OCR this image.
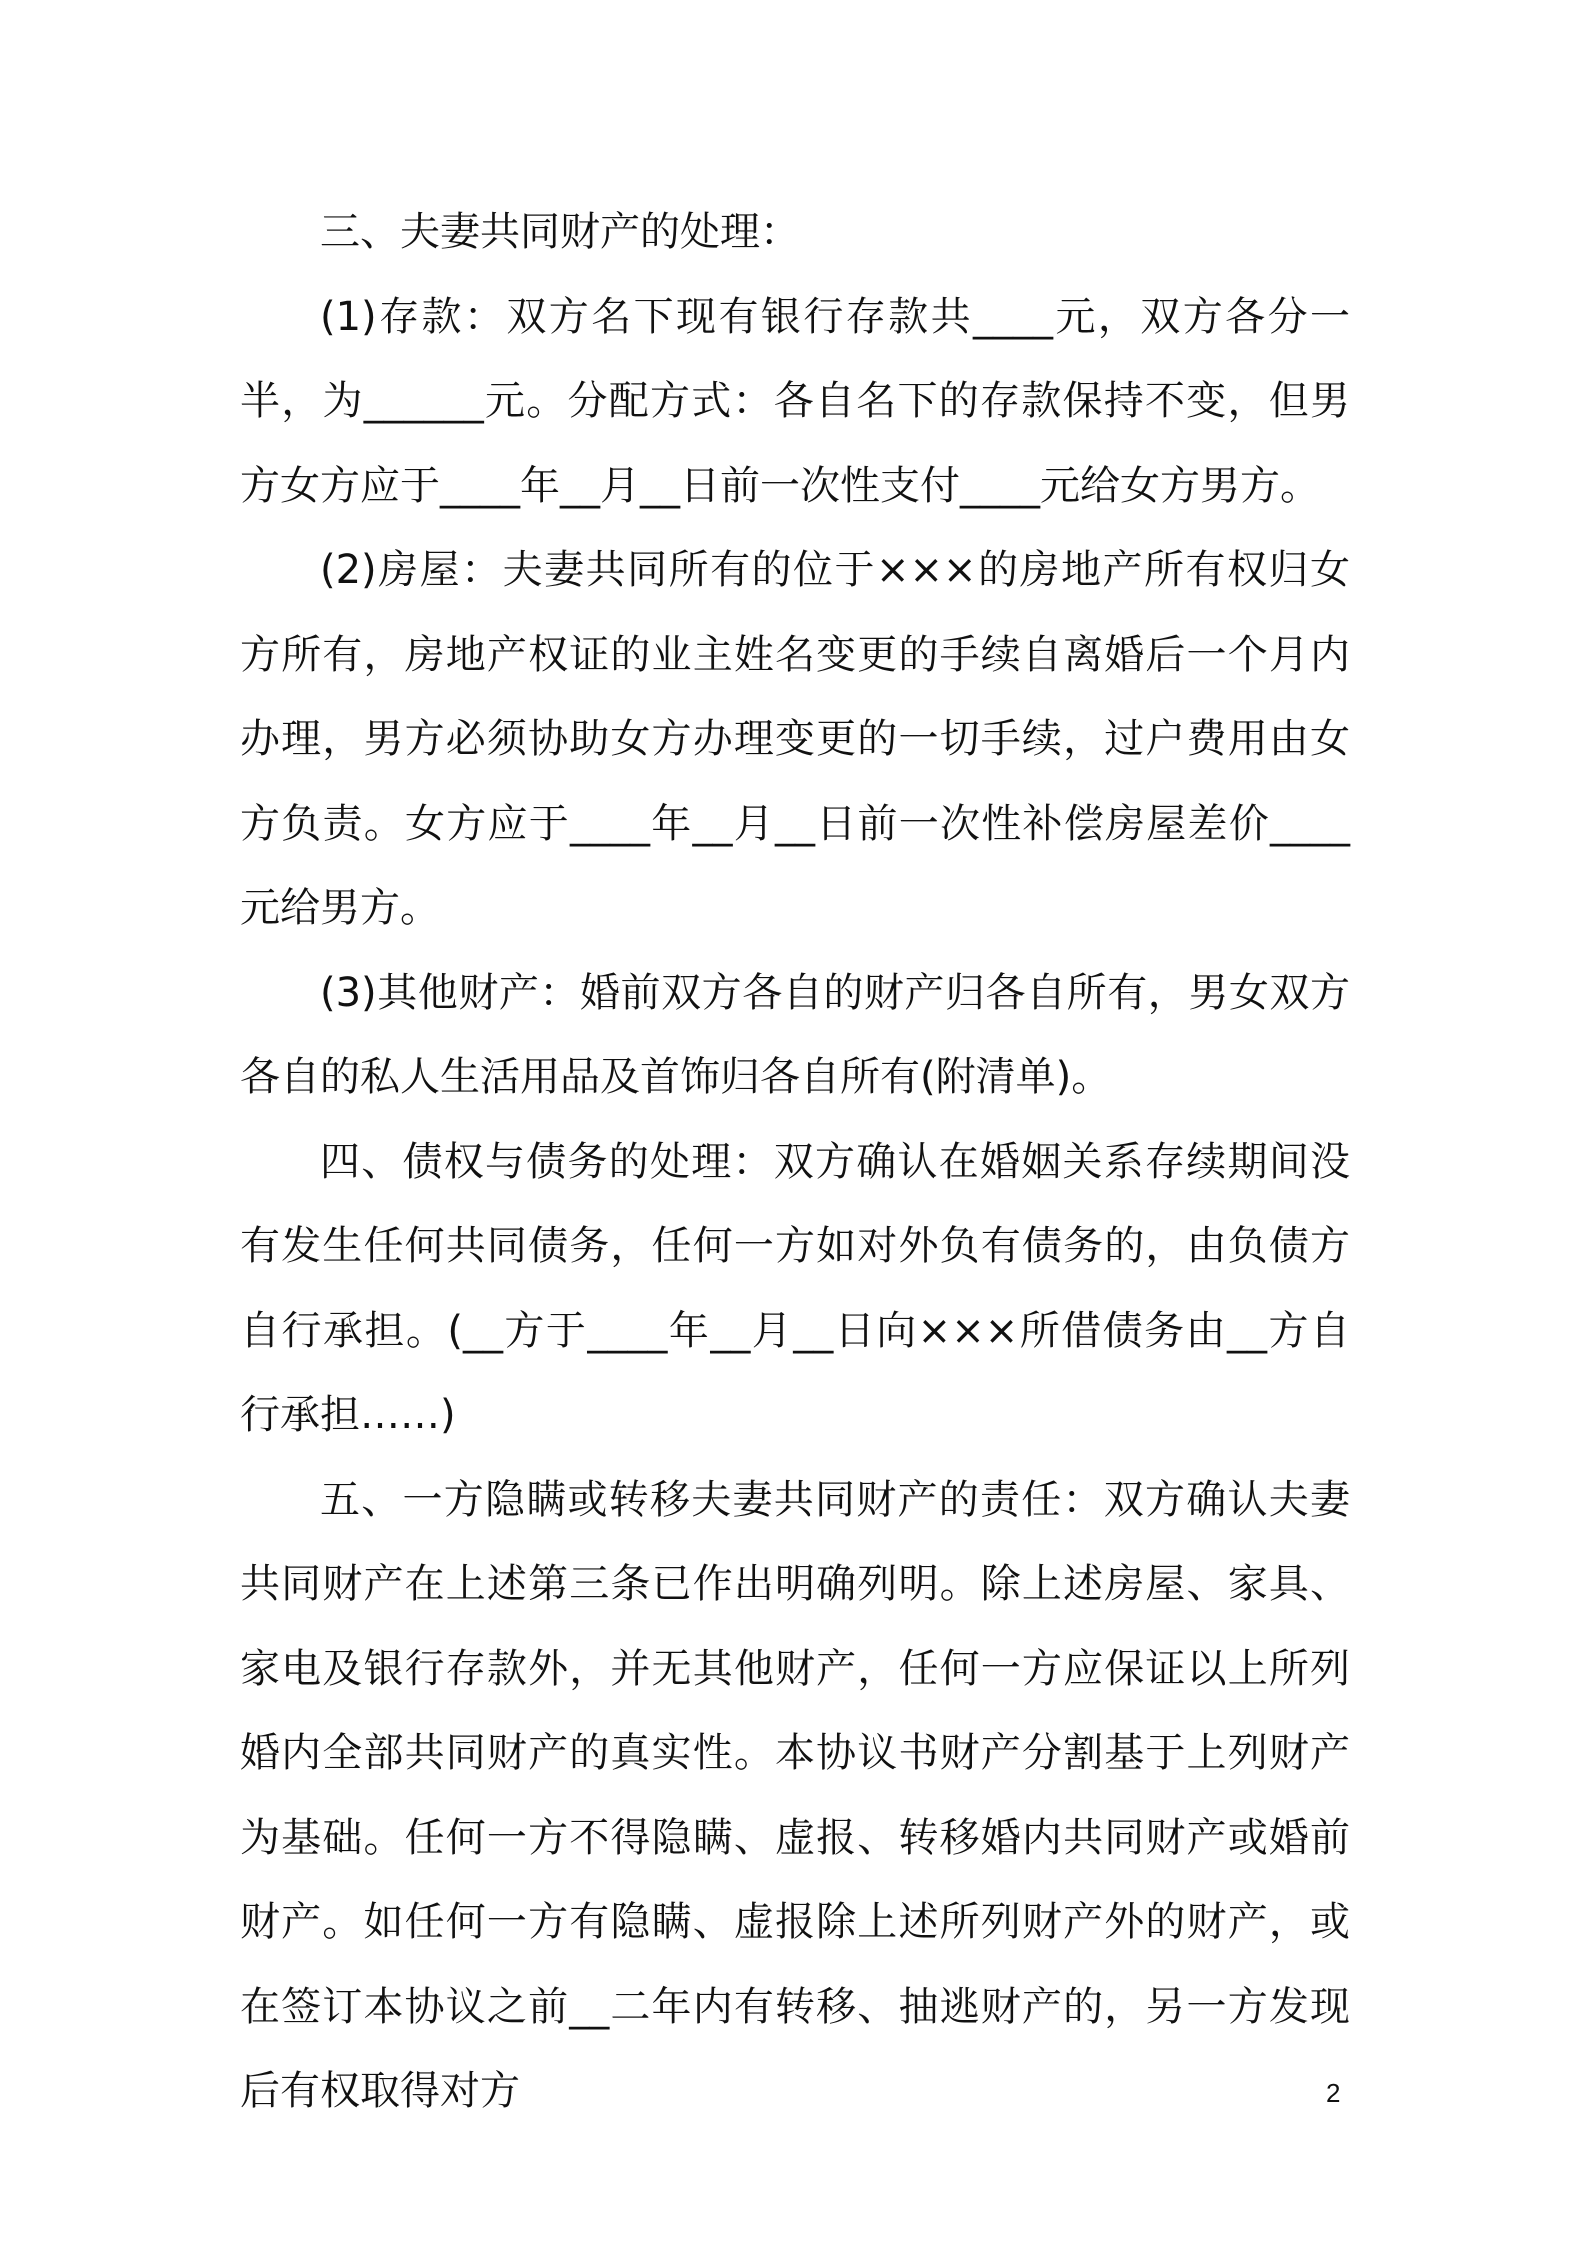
三、夫妻共同财产的处理：

(1)存款：双方名下现有银行存款共____元，双方各分一半，为______元。分配方式：各自名下的存款保持不变，但男方女方应于____年__月__日前一次性支付____元给女方男方。

(2)房屋：夫妻共同所有的位于×××的房地产所有权归女方所有，房地产权证的业主姓名变更的手续自离婚后一个月内办理，男方必须协助女方办理变更的一切手续，过户费用由女方负责。女方应于____年__月__日前一次性补偿房屋差价____元给男方。

(3)其他财产：婚前双方各自的财产归各自所有，男女双方各自的私人生活用品及首饰归各自所有(附清单)。

四、债权与债务的处理：双方确认在婚姻关系存续期间没有发生任何共同债务，任何一方如对外负有债务的，由负债方自行承担。(__方于____年__月__日向×××所借债务由__方自行承担……)

五、一方隐瞒或转移夫妻共同财产的责任：双方确认夫妻共同财产在上述第三条已作出明确列明。除上述房屋、家具、家电及银行存款外，并无其他财产，任何一方应保证以上所列婚内全部共同财产的真实性。本协议书财产分割基于上列财产为基础。任何一方不得隐瞒、虚报、转移婚内共同财产或婚前财产。如任何一方有隐瞒、虚报除上述所列财产外的财产，或在签订本协议之前__二年内有转移、抽逃财产的，另一方发现后有权取得对方	2
